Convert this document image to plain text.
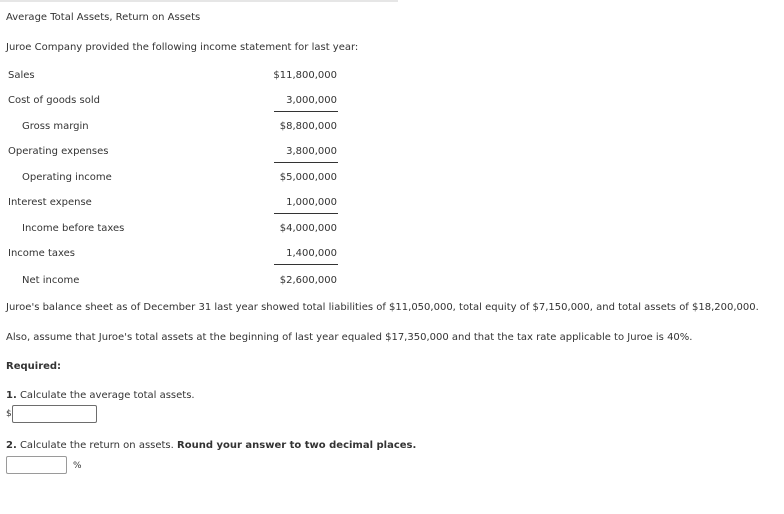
Average Total Assets, Return on Assets
Juroe Company provided the following income statement for last year:
Sales	$11,800,000
Cost of goods sold	3,000,000
Gross margin	$8,800,000
Operating expenses	3,800,000
Operating income	$5,000,000
Interest expense	1,000,000
Income before taxes	$4,000,000
Income taxes	1,400,000
Net income	$2,600,000
Juroe's balance sheet as of December 31 last year showed total liabilities of $11,050,000, total equity of $7,150,000, and total assets of $18,200,000.
Also, assume that Juroe's total assets at the beginning of last year equaled $17,350,000 and that the tax rate applicable to Juroe is 40%.
Required:
1. Calculate the average total assets.
$
2. Calculate the return on assets. Round your answer to two decimal places.
%
